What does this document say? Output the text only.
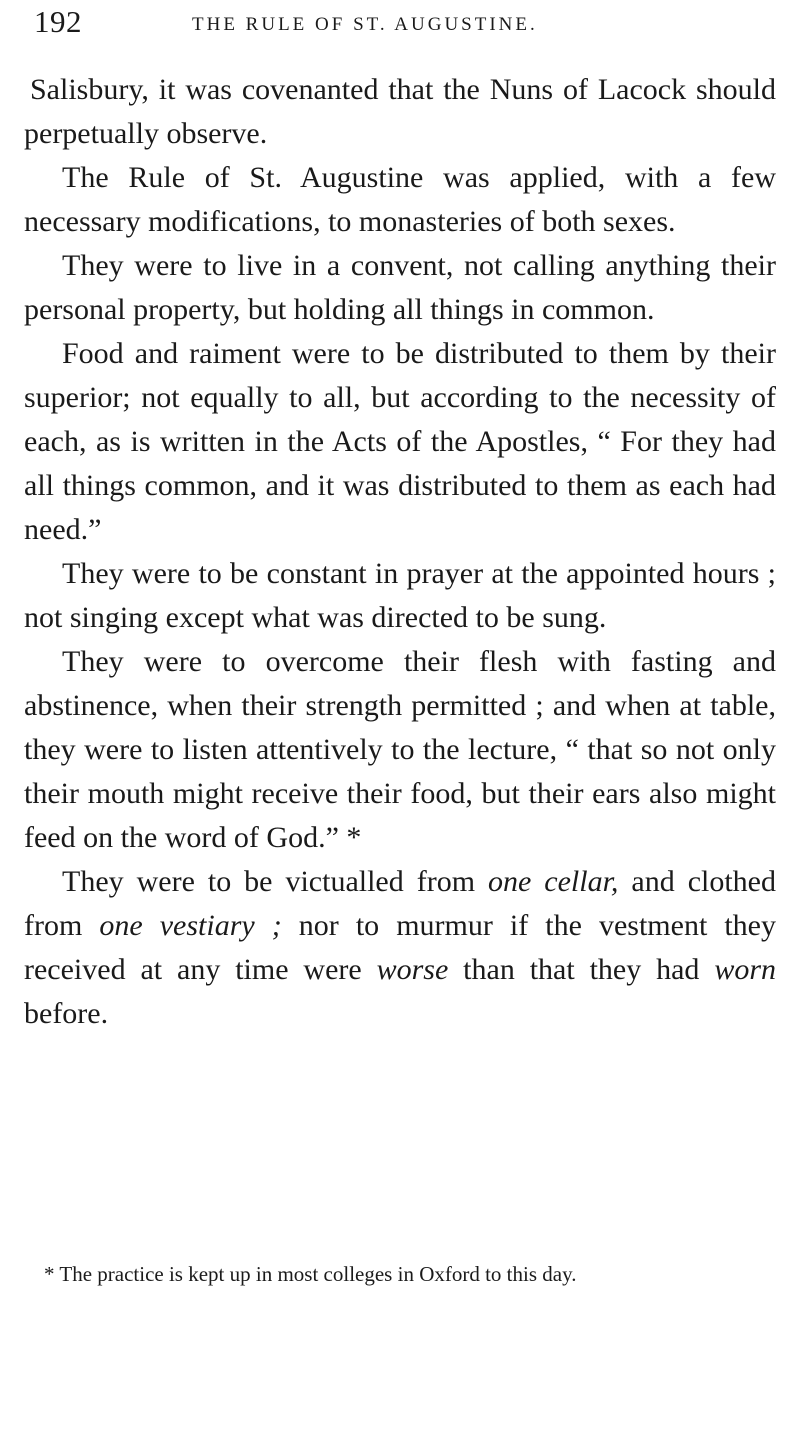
192	THE RULE OF ST. AUGUSTINE.

Salisbury, it was covenanted that the Nuns of Lacock should perpetually observe.

The Rule of St. Augustine was applied, with a few necessary modifications, to monasteries of both sexes.

They were to live in a convent, not calling anything their personal property, but holding all things in common.

Food and raiment were to be distributed to them by their superior; not equally to all, but according to the necessity of each, as is written in the Acts of the Apostles, “ For they had all things common, and it was distributed to them as each had need.”

They were to be constant in prayer at the appointed hours ; not singing except what was directed to be sung.

They were to overcome their flesh with fasting and abstinence, when their strength permitted ; and when at table, they were to listen attentively to the lecture, “ that so not only their mouth might receive their food, but their ears also might feed on the word of God.” *

They were to be victualled from one cellar, and clothed from one vestiary ; nor to murmur if the vestment they received at any time were worse than that they had worn before.

* The practice is kept up in most colleges in Oxford to this day.
